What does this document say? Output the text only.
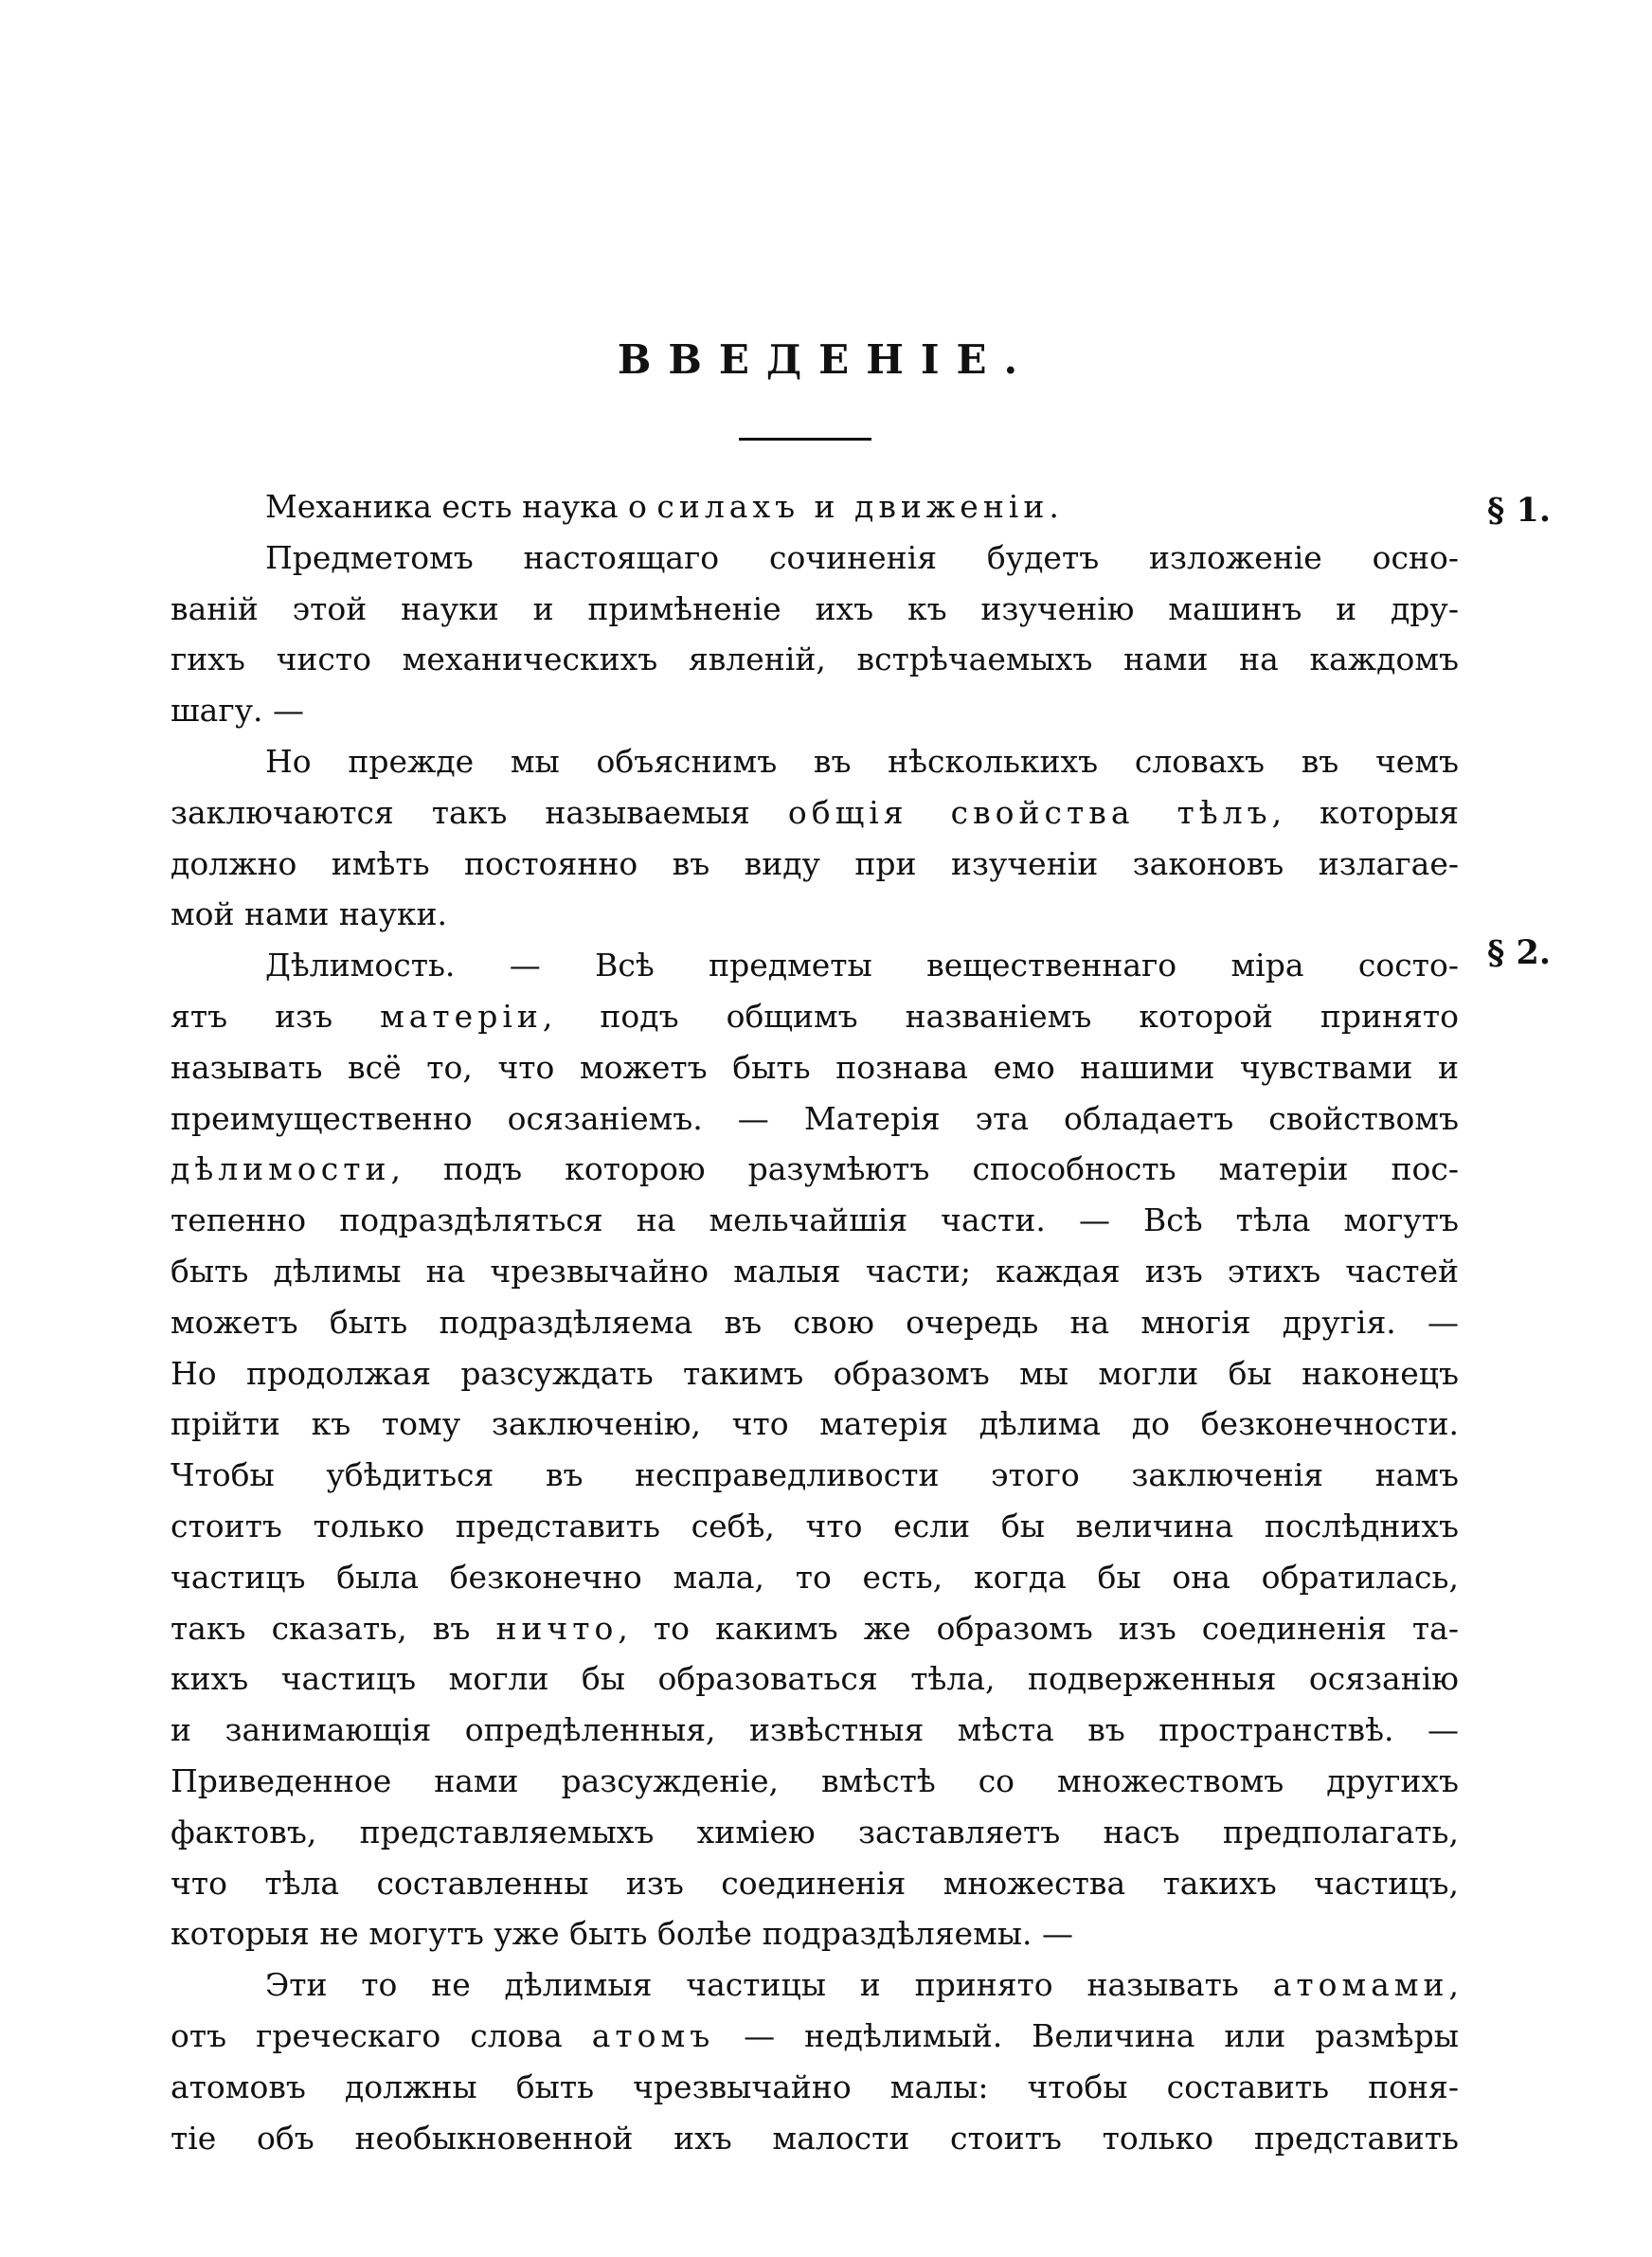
ВВЕДЕНІЕ.
§ 1.
§ 2.
Механика есть наука о силахъ и движеніи.
Предметомъ настоящаго сочиненія будетъ изложеніе осно-
ваній этой науки и примѣненіе ихъ къ изученію машинъ и дру-
гихъ чисто механическихъ явленій, встрѣчаемыхъ нами на каждомъ
шагу. —
Но прежде мы объяснимъ въ нѣсколькихъ словахъ въ чемъ
заключаются такъ называемыя общія свойства тѣлъ, которыя
должно имѣть постоянно въ виду при изученіи законовъ излагае-
мой нами науки.
Дѣлимость. — Всѣ предметы вещественнаго міра состо-
ятъ изъ матеріи, подъ общимъ названіемъ которой принято
называть всё то, что можетъ быть познава емо нашими чувствами и
преимущественно осязаніемъ. — Матерія эта обладаетъ свойствомъ
дѣлимости, подъ которою разумѣютъ способность матеріи пос-
тепенно подраздѣляться на мельчайшія части. — Всѣ тѣла могутъ
быть дѣлимы на чрезвычайно малыя части; каждая изъ этихъ частей
можетъ быть подраздѣляема въ свою очередь на многія другія. —
Но продолжая разсуждать такимъ образомъ мы могли бы наконецъ
прійти къ тому заключенію, что матерія дѣлима до безконечности.
Чтобы убѣдиться въ несправедливости этого заключенія намъ
стоитъ только представить себѣ, что если бы величина послѣднихъ
частицъ была безконечно мала, то есть, когда бы она обратилась,
такъ сказать, въ ничто, то какимъ же образомъ изъ соединенія та-
кихъ частицъ могли бы образоваться тѣла, подверженныя осязанію
и занимающія опредѣленныя, извѣстныя мѣста въ пространствѣ. —
Приведенное нами разсужденіе, вмѣстѣ со множествомъ другихъ
фактовъ, представляемыхъ химіею заставляетъ насъ предполагать,
что тѣла составленны изъ соединенія множества такихъ частицъ,
которыя не могутъ уже быть болѣе подраздѣляемы. —
Эти то не дѣлимыя частицы и принято называть атомами,
отъ греческаго слова атомъ — недѣлимый. Величина или размѣры
атомовъ должны быть чрезвычайно малы: чтобы составить поня-
тіе объ необыкновенной ихъ малости стоитъ только представить
